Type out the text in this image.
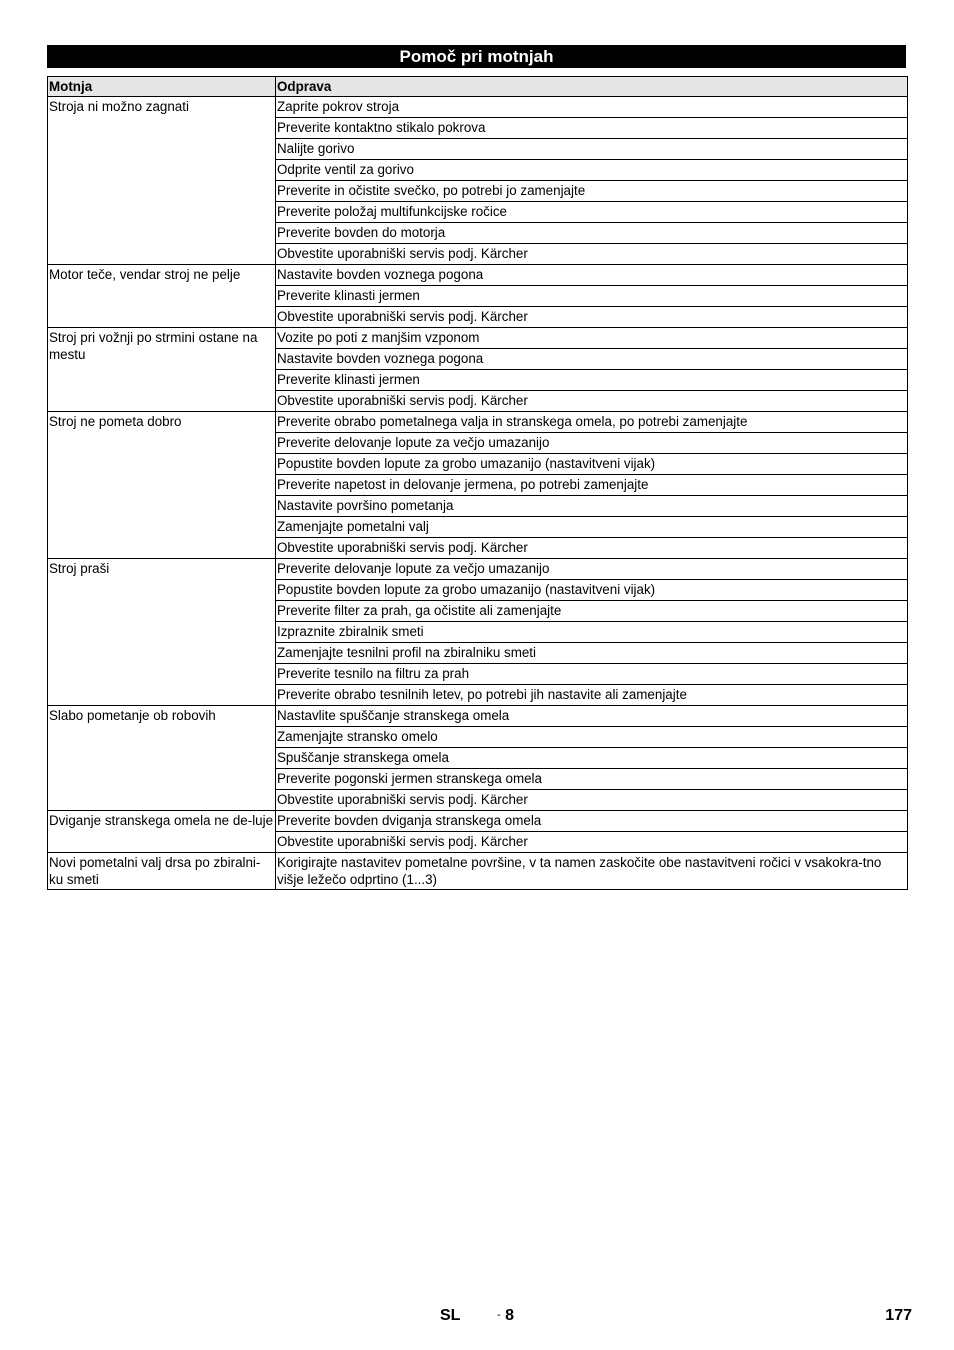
Pomoč pri motnjah
Motnja	Odprava
Stroja ni možno zagnati	Zaprite pokrov stroja
	Preverite kontaktno stikalo pokrova
	Nalijte gorivo
	Odprite ventil za gorivo
	Preverite in očistite svečko, po potrebi jo zamenjajte
	Preverite položaj multifunkcijske ročice
	Preverite bovden do motorja
	Obvestite uporabniški servis podj. Kärcher
Motor teče, vendar stroj ne pelje	Nastavite bovden voznega pogona
	Preverite klinasti jermen
	Obvestite uporabniški servis podj. Kärcher
Stroj pri vožnji po strmini ostane na mestu	Vozite po poti z manjšim vzponom
	Nastavite bovden voznega pogona
	Preverite klinasti jermen
	Obvestite uporabniški servis podj. Kärcher
Stroj ne pometa dobro	Preverite obrabo pometalnega valja in stranskega omela, po potrebi zamenjajte
	Preverite delovanje lopute za večjo umazanijo
	Popustite bovden lopute za grobo umazanijo (nastavitveni vijak)
	Preverite napetost in delovanje jermena, po potrebi zamenjajte
	Nastavite površino pometanja
	Zamenjajte pometalni valj
	Obvestite uporabniški servis podj. Kärcher
Stroj praši	Preverite delovanje lopute za večjo umazanijo
	Popustite bovden lopute za grobo umazanijo (nastavitveni vijak)
	Preverite filter za prah, ga očistite ali zamenjajte
	Izpraznite zbiralnik smeti
	Zamenjajte tesnilni profil na zbiralniku smeti
	Preverite tesnilo na filtru za prah
	Preverite obrabo tesnilnih letev, po potrebi jih nastavite ali zamenjajte
Slabo pometanje ob robovih	Nastavlite spuščanje stranskega omela
	Zamenjajte stransko omelo
	Spuščanje stranskega omela
	Preverite pogonski jermen stranskega omela
	Obvestite uporabniški servis podj. Kärcher
Dviganje stranskega omela ne de-luje	Preverite bovden dviganja stranskega omela
	Obvestite uporabniški servis podj. Kärcher
Novi pometalni valj drsa po zbiralni-ku smeti	Korigirajte nastavitev pometalne površine, v ta namen zaskočite obe nastavitveni ročici v vsakokra-tno višje ležečo odprtino (1...3)
SL	- 8	177
